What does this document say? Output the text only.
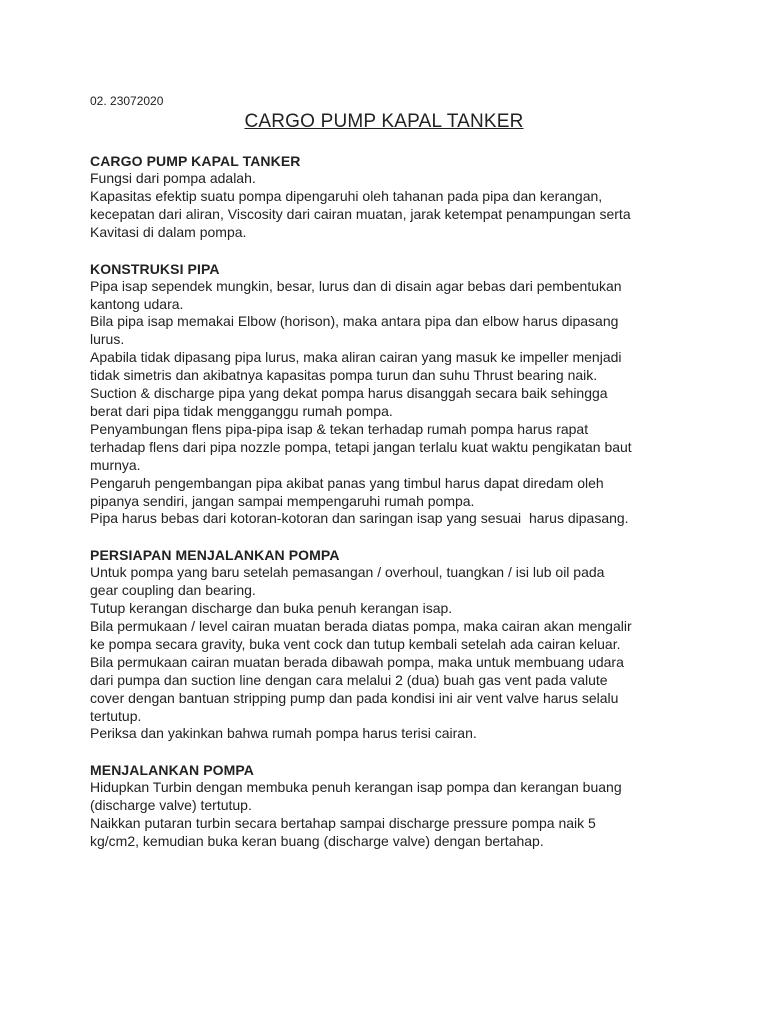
02. 23072020

CARGO PUMP KAPAL TANKER
CARGO PUMP KAPAL TANKER

Fungsi dari pompa adalah.

Kapasitas efektip suatu pompa dipengaruhi oleh tahanan pada pipa dan kerangan,
kecepatan dari aliran, Viscosity dari cairan muatan, jarak ketempat penampungan serta
Kavitasi di dalam pompa.

KONSTRUKSI PIPA

Pipa isap sependek mungkin, besar, lurus dan di disain agar bebas dari pembentukan
kantong udara.

Bila pipa isap memakai Elbow (horison), maka antara pipa dan elbow harus dipasang
lurus.

Apabila tidak dipasang pipa lurus, maka aliran cairan yang masuk ke impeller menjadi
tidak simetris dan akibatnya kapasitas pompa turun dan suhu Thrust bearing naik.

Suction & discharge pipa yang dekat pompa harus disanggah secara baik sehingga
berat dari pipa tidak mengganggu rumah pompa.

Penyambungan flens pipa-pipa isap & tekan terhadap rumah pompa harus rapat
terhadap flens dari pipa nozzle pompa, tetapi jangan terlalu kuat waktu pengikatan baut
murnya.

Pengaruh pengembangan pipa akibat panas yang timbul harus dapat diredam oleh
pipanya sendiri, jangan sampai mempengaruhi rumah pompa.

Pipa harus bebas dari kotoran-kotoran dan saringan isap yang sesuai  harus dipasang.

PERSIAPAN MENJALANKAN POMPA

Untuk pompa yang baru setelah pemasangan / overhoul, tuangkan / isi lub oil pada
gear coupling dan bearing.

Tutup kerangan discharge dan buka penuh kerangan isap.

Bila permukaan / level cairan muatan berada diatas pompa, maka cairan akan mengalir
ke pompa secara gravity, buka vent cock dan tutup kembali setelah ada cairan keluar.

Bila permukaan cairan muatan berada dibawah pompa, maka untuk membuang udara
dari pumpa dan suction line dengan cara melalui 2 (dua) buah gas vent pada valute
cover dengan bantuan stripping pump dan pada kondisi ini air vent valve harus selalu
tertutup.

Periksa dan yakinkan bahwa rumah pompa harus terisi cairan.

MENJALANKAN POMPA

Hidupkan Turbin dengan membuka penuh kerangan isap pompa dan kerangan buang
(discharge valve) tertutup.

Naikkan putaran turbin secara bertahap sampai discharge pressure pompa naik 5
kg/cm2, kemudian buka keran buang (discharge valve) dengan bertahap.
